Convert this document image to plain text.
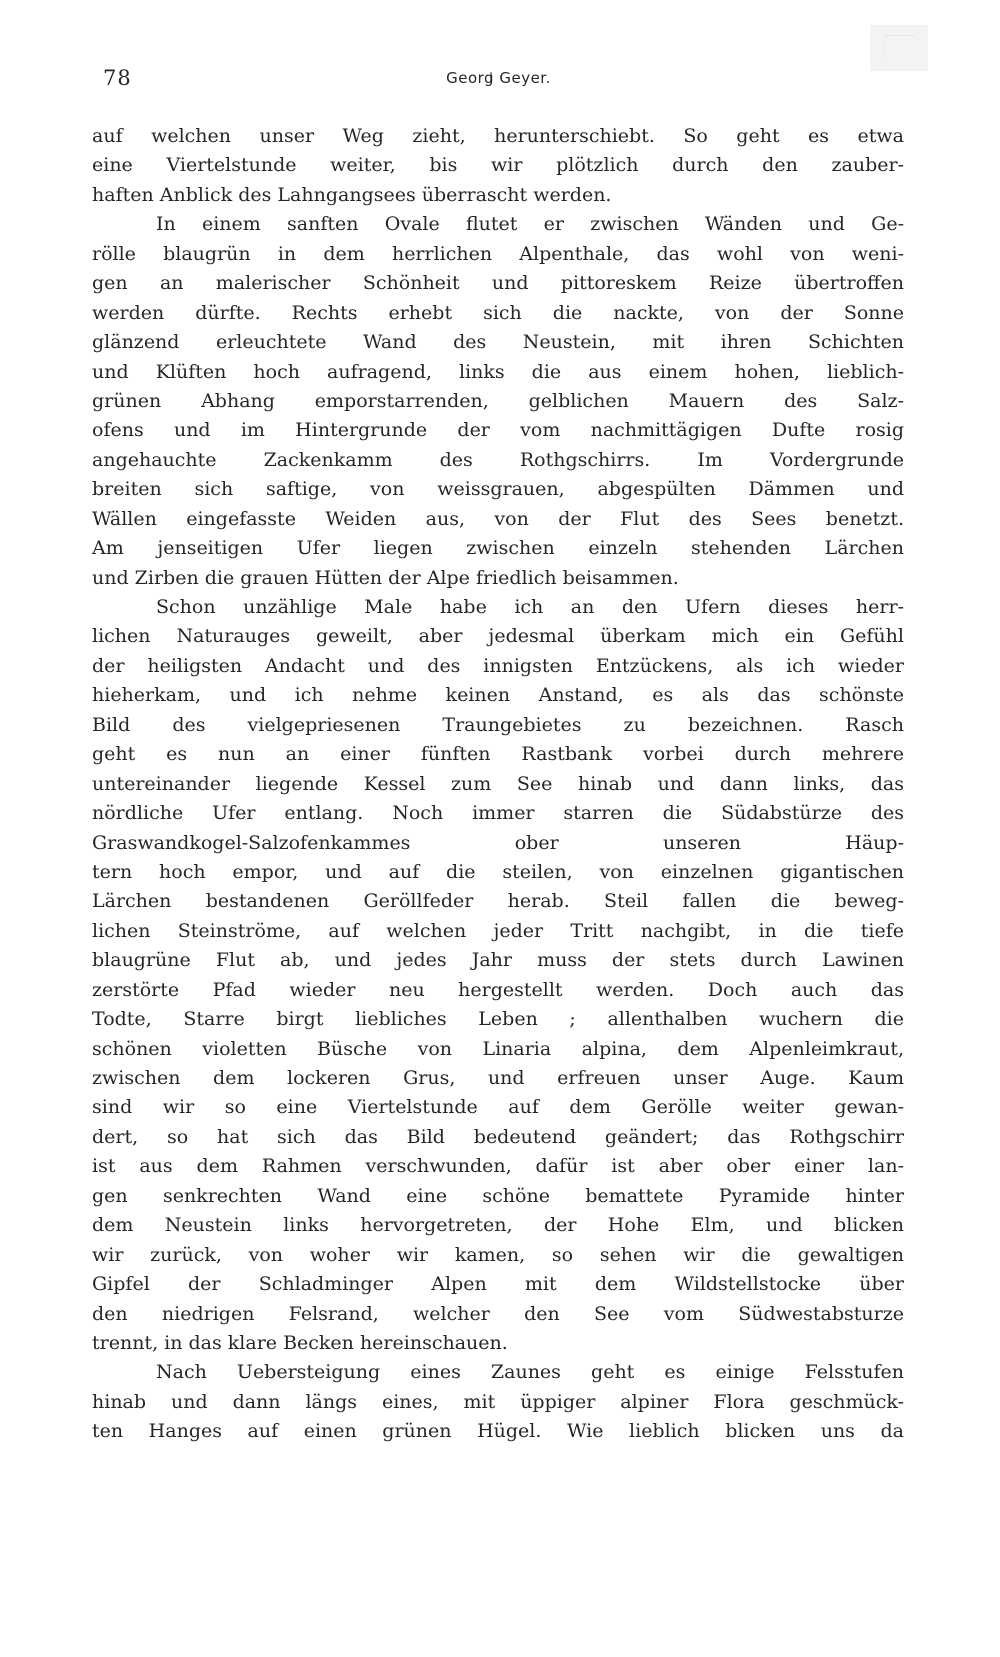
78	Georg Geyer.
auf welchen unser Weg zieht, herunterschiebt. So geht es etwa
eine Viertelstunde weiter, bis wir plötzlich durch den zauber-
haften Anblick des Lahngangsees überrascht werden.
In einem sanften Ovale flutet er zwischen Wänden und Ge-
rölle blaugrün in dem herrlichen Alpenthale, das wohl von weni-
gen an malerischer Schönheit und pittoreskem Reize übertroffen
werden dürfte. Rechts erhebt sich die nackte, von der Sonne
glänzend erleuchtete Wand des Neustein, mit ihren Schichten
und Klüften hoch aufragend, links die aus einem hohen, lieblich-
grünen Abhang emporstarrenden, gelblichen Mauern des Salz-
ofens und im Hintergrunde der vom nachmittägigen Dufte rosig
angehauchte Zackenkamm des Rothgschirrs. Im Vordergrunde
breiten sich saftige, von weissgrauen, abgespülten Dämmen und
Wällen eingefasste Weiden aus, von der Flut des Sees benetzt.
Am jenseitigen Ufer liegen zwischen einzeln stehenden Lärchen
und Zirben die grauen Hütten der Alpe friedlich beisammen.
Schon unzählige Male habe ich an den Ufern dieses herr-
lichen Naturauges geweilt, aber jedesmal überkam mich ein Gefühl
der heiligsten Andacht und des innigsten Entzückens, als ich wieder
hieherkam, und ich nehme keinen Anstand, es als das schönste
Bild des vielgepriesenen Traungebietes zu bezeichnen. Rasch
geht es nun an einer fünften Rastbank vorbei durch mehrere
untereinander liegende Kessel zum See hinab und dann links, das
nördliche Ufer entlang. Noch immer starren die Südabstürze des
Graswandkogel-Salzofenkammes ober unseren Häup-
tern hoch empor, und auf die steilen, von einzelnen gigantischen
Lärchen bestandenen Geröllfeder herab. Steil fallen die beweg-
lichen Steinströme, auf welchen jeder Tritt nachgibt, in die tiefe
blaugrüne Flut ab, und jedes Jahr muss der stets durch Lawinen
zerstörte Pfad wieder neu hergestellt werden. Doch auch das
Todte, Starre birgt liebliches Leben ; allenthalben wuchern die
schönen violetten Büsche von Linaria alpina, dem Alpenleimkraut,
zwischen dem lockeren Grus, und erfreuen unser Auge. Kaum
sind wir so eine Viertelstunde auf dem Gerölle weiter gewan-
dert, so hat sich das Bild bedeutend geändert; das Rothgschirr
ist aus dem Rahmen verschwunden, dafür ist aber ober einer lan-
gen senkrechten Wand eine schöne bemattete Pyramide hinter
dem Neustein links hervorgetreten, der Hohe Elm, und blicken
wir zurück, von woher wir kamen, so sehen wir die gewaltigen
Gipfel der Schladminger Alpen mit dem Wildstellstocke über
den niedrigen Felsrand, welcher den See vom Südwestabsturze
trennt, in das klare Becken hereinschauen.
Nach Uebersteigung eines Zaunes geht es einige Felsstufen
hinab und dann längs eines, mit üppiger alpiner Flora geschmück-
ten Hanges auf einen grünen Hügel. Wie lieblich blicken uns da
